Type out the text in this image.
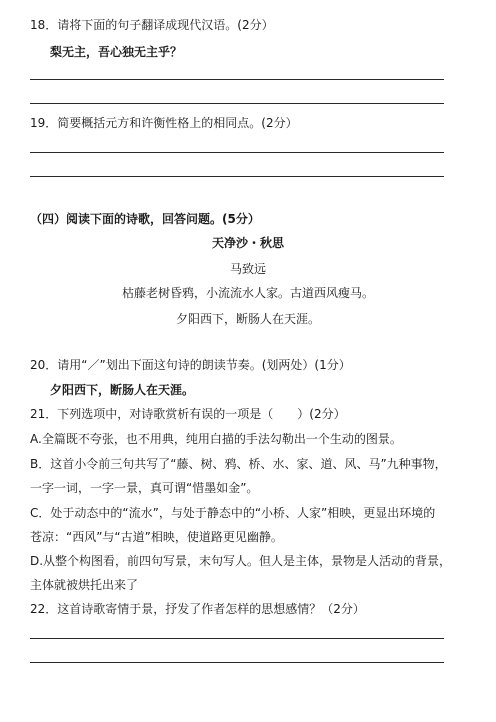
18．请将下面的句子翻译成现代汉语。(2分）
梨无主，吾心独无主乎？
19．简要概括元方和许衡性格上的相同点。(2分）
（四）阅读下面的诗歌，回答问题。(5分）
天净沙・秋思
马致远
枯藤老树昏鸦，小流流水人家。古道西风瘦马。
夕阳西下，断肠人在天涯。
20．请用“／”划出下面这句诗的朗读节奏。(划两处）(1分）
夕阳西下，断肠人在天涯。
21．下列选项中，对诗歌赏析有误的一项是（　　）(2分）
A.全篇既不夸张，也不用典，纯用白描的手法勾勒出一个生动的图景。
B．这首小令前三句共写了“藤、树、鸦、桥、水、家、道、风、马”九种事物，
一字一词，一字一景，真可谓“惜墨如金”。
C．处于动态中的“流水”，与处于静态中的“小桥、人家”相映，更显出环境的
苍凉：“西风”与“古道”相映，使道路更见幽静。
D.从整个构图看，前四句写景，末句写人。但人是主体，景物是人活动的背景，
主体就被烘托出来了
22．这首诗歌寄情于景，抒发了作者怎样的思想感情？（2分）
